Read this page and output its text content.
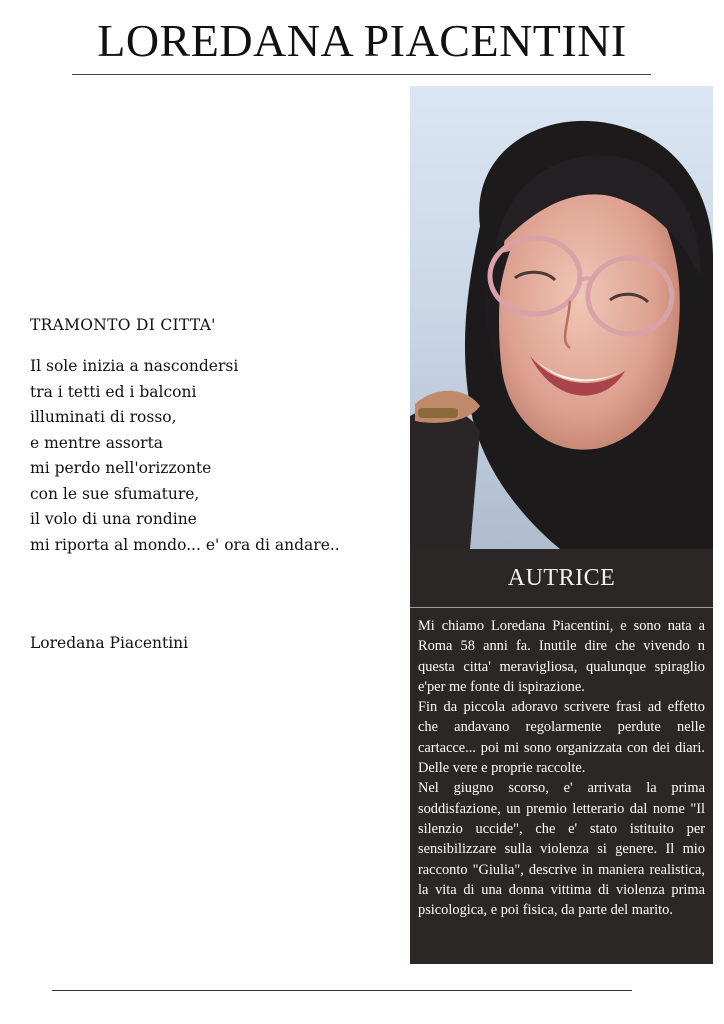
LOREDANA PIACENTINI
TRAMONTO DI CITTA'
Il sole inizia a nascondersi
tra i tetti ed i balconi
illuminati di rosso,
e mentre assorta
mi perdo nell'orizzonte
con le sue sfumature,
il volo di una rondine
mi riporta al mondo... e' ora di andare..
Loredana Piacentini
AUTRICE

Mi chiamo Loredana Piacentini, e sono nata a Roma 58 anni fa. Inutile dire che vivendo n questa citta' meravigliosa, qualunque spiraglio e'per me fonte di ispirazione.

Fin da piccola adoravo scrivere frasi ad effetto che andavano regolarmente perdute nelle cartacce... poi mi sono organizzata con dei diari. Delle vere e proprie raccolte.

Nel giugno scorso, e' arrivata la prima soddisfazione, un premio letterario dal nome "Il silenzio uccide", che e' stato istituito per sensibilizzare sulla violenza si genere. Il mio racconto "Giulia", descrive in maniera realistica, la vita di una donna vittima di violenza prima psicologica, e poi fisica, da parte del marito.
